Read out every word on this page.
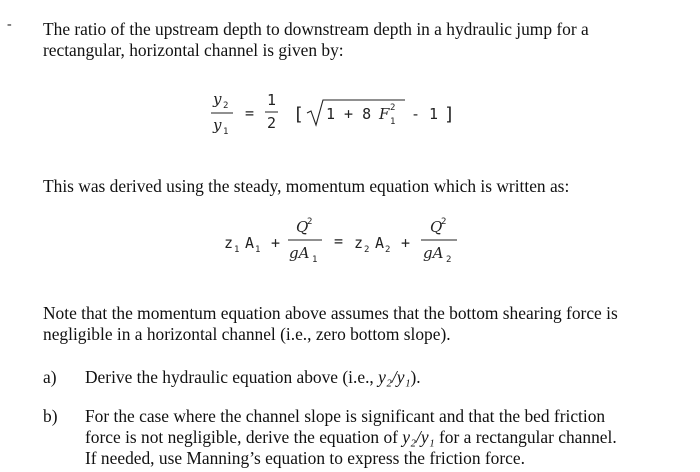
- The ratio of the upstream depth to downstream depth in a hydraulic jump for a rectangular, horizontal channel is given by:

y 2
y 1
=
1
2 [ 1 + 8 F 2
1 - 1 ]

This was derived using the steady, momentum equation which is written as:

z 1 A 1 +
Q
2
gA 1
= z 2 A 2 +
Q
2
gA 2

Note that the momentum equation above assumes that the bottom shearing force is negligible in a horizontal channel (i.e., zero bottom slope).

a) Derive the hydraulic equation above (i.e., y₂/y₁).
b) For the case where the channel slope is significant and that the bed friction
force is not negligible, derive the equation of y₂/y₁ for a rectangular channel.
If needed, use Manning’s equation to express the friction force.
